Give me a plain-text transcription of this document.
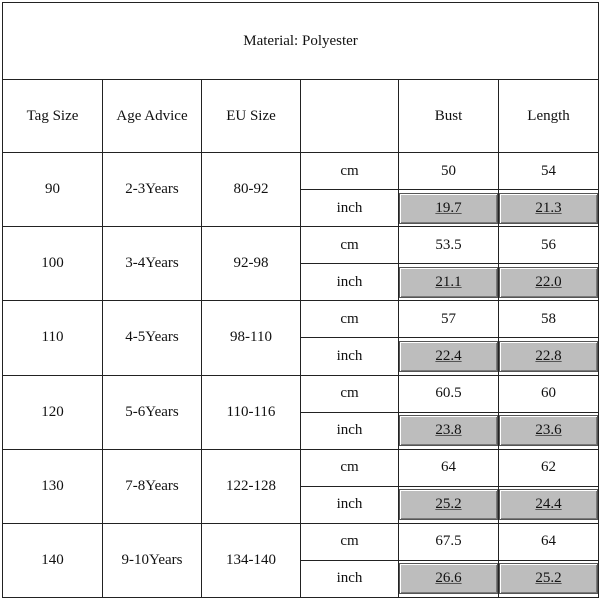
Material: Polyester					
Tag Size	Age Advice	EU Size		Bust	Length
90	2-3Years	80-92	cm	50	54
			inch	19.7	21.3

100	3-4Years	92-98	cm	53.5	56
			inch	21.1	22.0

110	4-5Years	98-110	cm	57	58
			inch	22.4	22.8

120	5-6Years	110-116	cm	60.5	60
			inch	23.8	23.6

130	7-8Years	122-128	cm	64	62
			inch	25.2	24.4

140	9-10Years	134-140	cm	67.5	64
			inch	26.6	25.2
